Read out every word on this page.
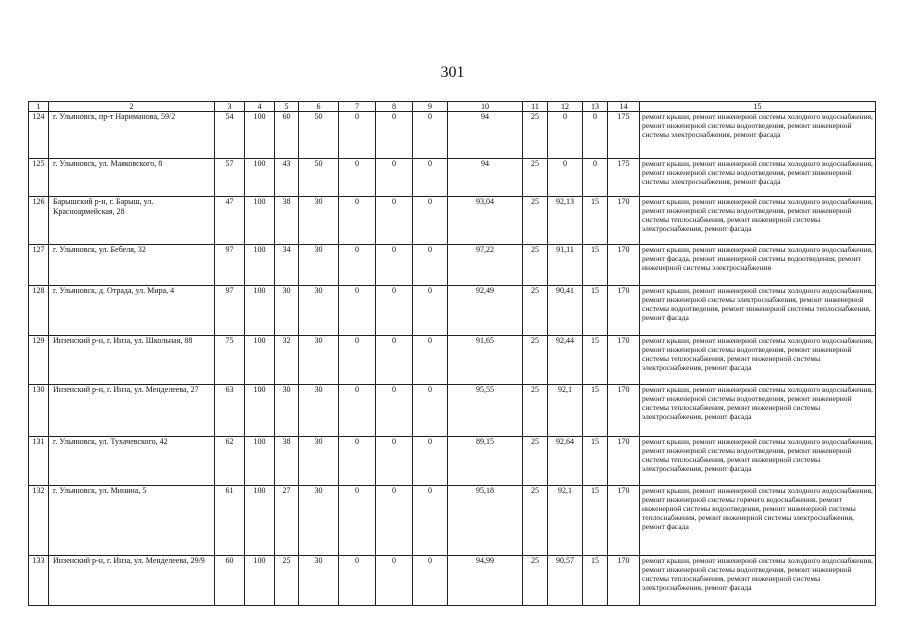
301
1	2	3	4	5	6	7	8	9	10	11	12	13	14	15
124	г. Ульяновск, пр-т Нариманова, 59/2	54	100	60	50	0	0	0	94	25	0	0	175	ремонт крыши, ремонт инженерной системы холодного водоснабжения, ремонт инженерной системы водоотведения, ремонт инженерной системы электроснабжения, ремонт фасада
125	г. Ульяновск, ул. Маяковского, 8	57	100	43	50	0	0	0	94	25	0	0	175	ремонт крыши, ремонт инженерной системы холодного водоснабжения, ремонт инженерной системы водоотведения, ремонт инженерной системы электроснабжения, ремонт фасада
126	Барышский р-н, г. Барыш, ул. Красноармейская, 28	47	100	38	30	0	0	0	93,04	25	92,13	15	170	ремонт крыши, ремонт инженерной системы холодного водоснабжения, ремонт инженерной системы водоотведения, ремонт инженерной системы теплоснабжения, ремонт инженерной системы электроснабжения, ремонт фасада
127	г. Ульяновск, ул. Бебеля, 32	97	100	34	30	0	0	0	97,22	25	91,11	15	170	ремонт крыши, ремонт инженерной системы холодного водоснабжения, ремонт фасада, ремонт инженерной системы водоотведения, ремонт инженерной системы электроснабжения
128	г. Ульяновск, д. Отрада, ул. Мира, 4	97	100	30	30	0	0	0	92,49	25	90,41	15	170	ремонт крыши, ремонт инженерной системы холодного водоснабжения, ремонт инженерной системы электроснабжения, ремонт инженерной системы водоотведения, ремонт инженерной системы теплоснабжения, ремонт фасада
129	Инзенский р-н, г. Инза, ул. Школьная, 88	75	100	32	30	0	0	0	91,65	25	92,44	15	170	ремонт крыши, ремонт инженерной системы холодного водоснабжения, ремонт инженерной системы водоотведения, ремонт инженерной системы теплоснабжения, ремонт инженерной системы электроснабжения, ремонт фасада
130	Инзенский р-н, г. Инза, ул. Менделеева, 27	63	100	30	30	0	0	0	95,55	25	92,1	15	170	ремонт крыши, ремонт инженерной системы холодного водоснабжения, ремонт инженерной системы водоотведения, ремонт инженерной системы теплоснабжения, ремонт инженерной системы электроснабжения, ремонт фасада
131	г. Ульяновск, ул. Тухачевского, 42	62	100	38	30	0	0	0	89,15	25	92,64	15	170	ремонт крыши, ремонт инженерной системы холодного водоснабжения, ремонт инженерной системы водоотведения, ремонт инженерной системы теплоснабжения, ремонт инженерной системы электроснабжения, ремонт фасада
132	г. Ульяновск, ул. Минина, 5	61	100	27	30	0	0	0	95,18	25	92,1	15	170	ремонт крыши, ремонт инженерной системы холодного водоснабжения, ремонт инженерной системы горячего водоснабжения, ремонт инженерной системы водоотведения, ремонт инженерной системы теплоснабжения, ремонт инженерной системы электроснабжения, ремонт фасада
133	Инзенский р-н, г. Инза, ул. Менделеева, 29/9	60	100	25	30	0	0	0	94,99	25	90,57	15	170	ремонт крыши, ремонт инженерной системы холодного водоснабжения, ремонт инженерной системы водоотведения, ремонт инженерной системы теплоснабжения, ремонт инженерной системы электроснабжения, ремонт фасада
